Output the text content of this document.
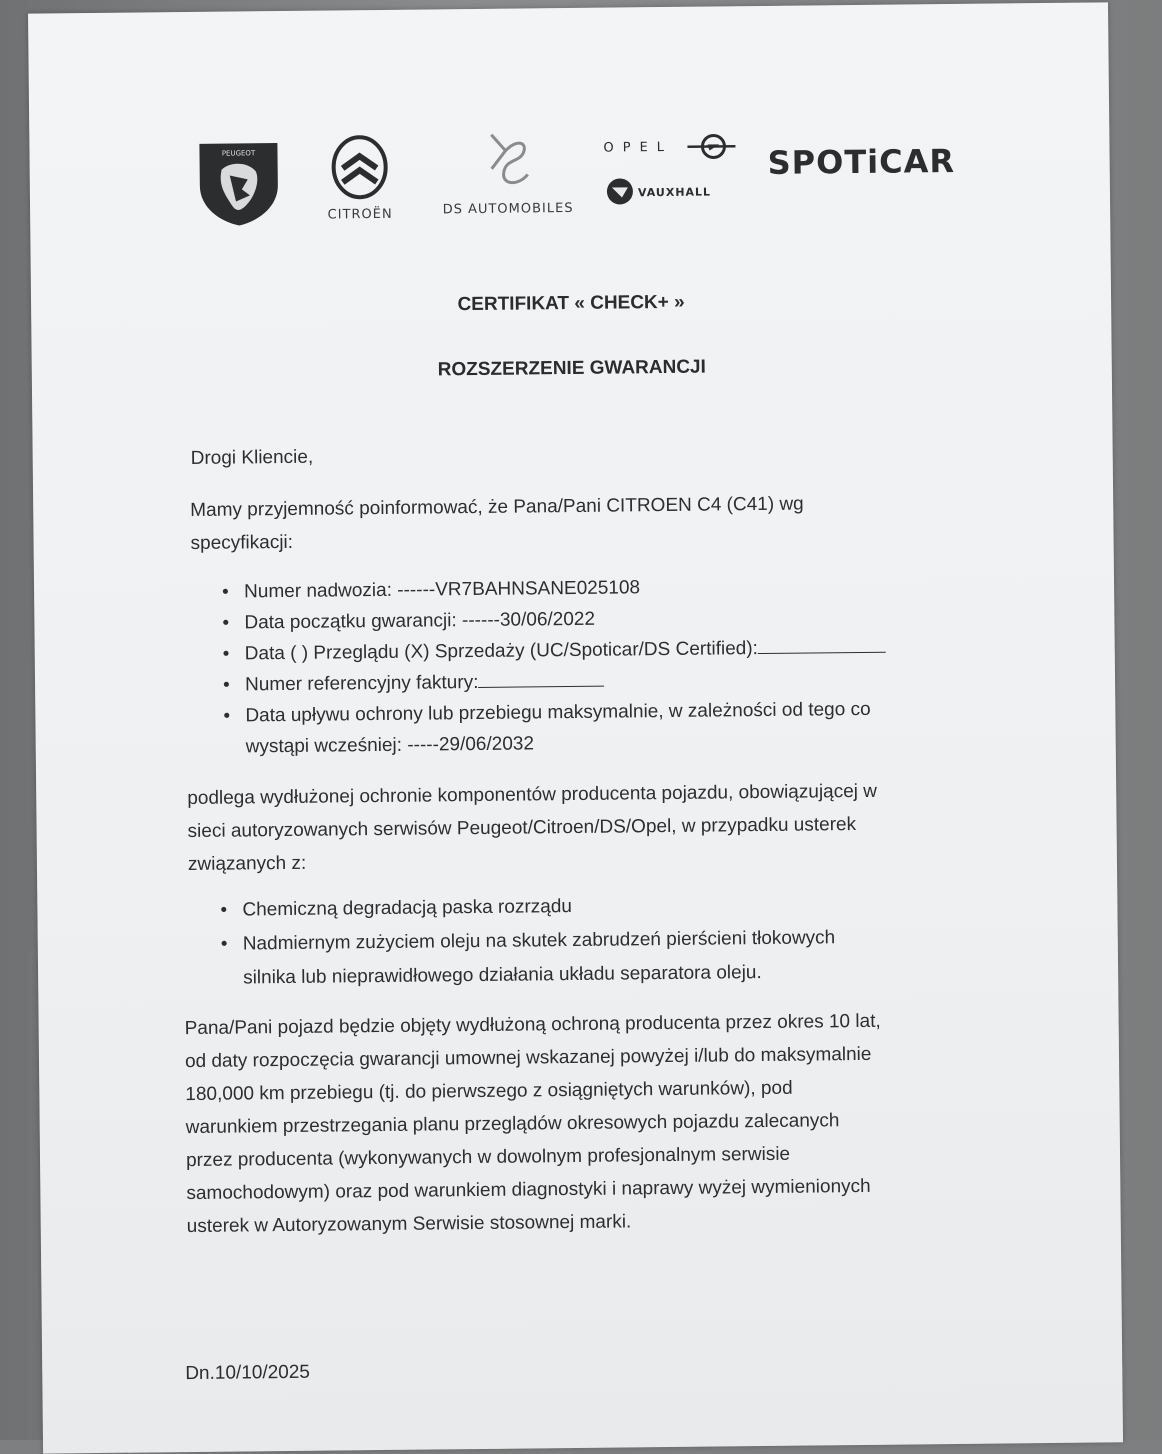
PEUGEOT
CITROËN	DS AUTOMOBILES
OPEL
VAUXHALL
SPOTiCAR
CERTIFIKAT « CHECK+ »
ROZSZERZENIE GWARANCJI
Drogi Kliencie,
Mamy przyjemność poinformować, że Pana/Pani CITROEN C4 (C41) wg
specyfikacji:
• Numer nadwozia: ------VR7BAHNSANE025108
• Data początku gwarancji: ------30/06/2022
• Data ( ) Przeglądu (X) Sprzedaży (UC/Spoticar/DS Certified):
• Numer referencyjny faktury:
• Data upływu ochrony lub przebiegu maksymalnie, w zależności od tego co
wystąpi wcześniej: -----29/06/2032
podlega wydłużonej ochronie komponentów producenta pojazdu, obowiązującej w
sieci autoryzowanych serwisów Peugeot/Citroen/DS/Opel, w przypadku usterek
związanych z:
• Chemiczną degradacją paska rozrządu
• Nadmiernym zużyciem oleju na skutek zabrudzeń pierścieni tłokowych
silnika lub nieprawidłowego działania układu separatora oleju.
Pana/Pani pojazd będzie objęty wydłużoną ochroną producenta przez okres 10 lat,
od daty rozpoczęcia gwarancji umownej wskazanej powyżej i/lub do maksymalnie
180,000 km przebiegu (tj. do pierwszego z osiągniętych warunków), pod
warunkiem przestrzegania planu przeglądów okresowych pojazdu zalecanych
przez producenta (wykonywanych w dowolnym profesjonalnym serwisie
samochodowym) oraz pod warunkiem diagnostyki i naprawy wyżej wymienionych
usterek w Autoryzowanym Serwisie stosownej marki.
Dn.10/10/2025
